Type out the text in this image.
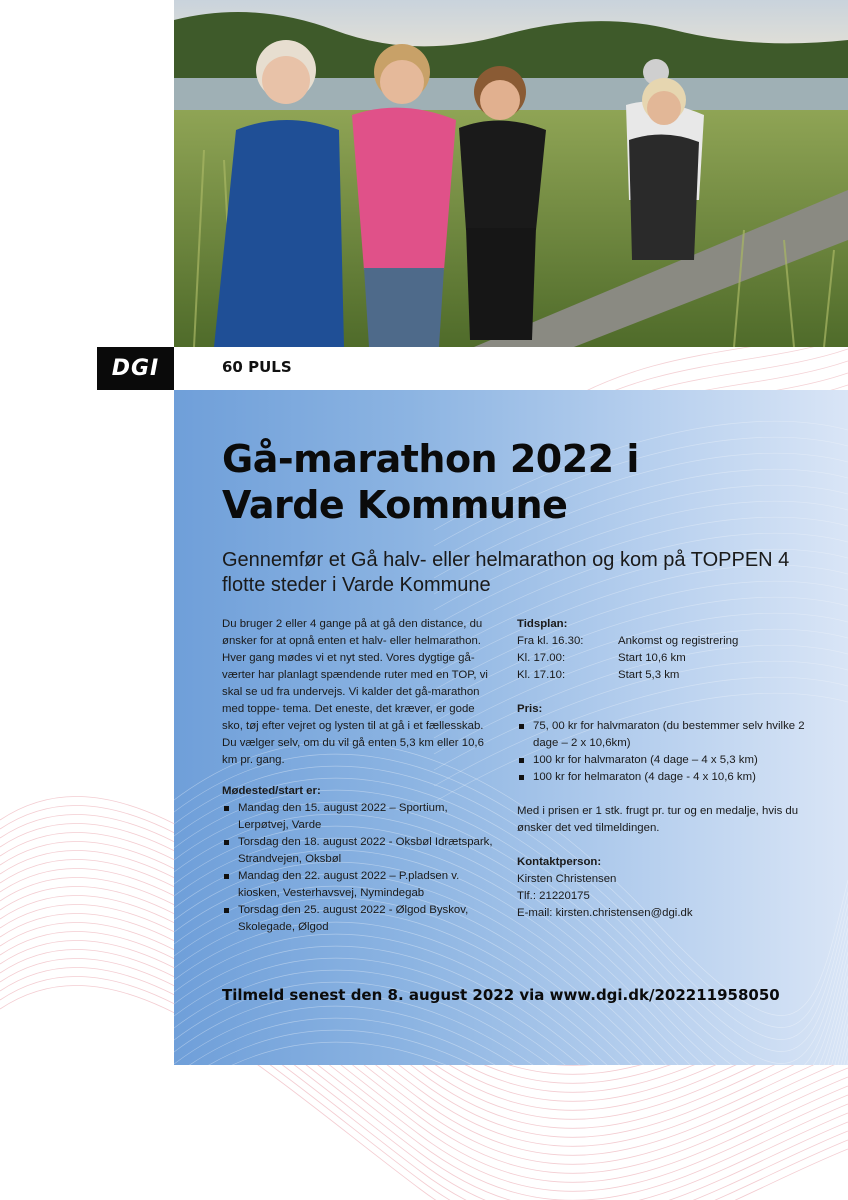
DGI	60 PULS
Gå-marathon 2022 i
Varde Kommune

Gennemfør et Gå halv- eller helmarathon og kom på TOPPEN 4 flotte steder i Varde Kommune

Du bruger 2 eller 4 gange på at gå den distance, du ønsker for at opnå enten et halv- eller helmarathon. Hver gang mødes vi et nyt sted. Vores dygtige gå-værter har planlagt spændende ruter med en TOP, vi skal se ud fra undervejs. Vi kalder det gå-marathon med toppe- tema. Det eneste, det kræver, er gode sko, tøj efter vejret og lysten til at gå i et fællesskab. Du vælger selv, om du vil gå enten 5,3 km eller 10,6 km pr. gang.

Mødested/start er:

Mandag den 15. august 2022 – Sportium, Lerpøtvej, Varde
Torsdag den 18. august 2022 - Oksbøl Idrætspark, Strandvejen, Oksbøl
Mandag den 22. august 2022 – P.pladsen v. kiosken, Vesterhavsvej, Nymindegab
Torsdag den 25. august 2022 - Ølgod Byskov, Skolegade, Ølgod

Tidsplan:

Fra kl. 16.30:	Ankomst og registrering
Kl. 17.00:	Start 10,6 km
Kl. 17.10:	Start 5,3 km

Pris:

75, 00 kr for halvmaraton (du bestemmer selv hvilke 2 dage – 2 x 10,6km)
100 kr for halvmaraton (4 dage – 4 x 5,3 km)
100 kr for helmaraton (4 dage - 4 x 10,6 km)

Med i prisen er 1 stk. frugt pr. tur og en medalje, hvis du ønsker det ved tilmeldingen.

Kontaktperson:

Kirsten Christensen

Tlf.: 21220175

E-mail: kirsten.christensen@dgi.dk

Tilmeld senest den 8. august 2022 via www.dgi.dk/202211958050
